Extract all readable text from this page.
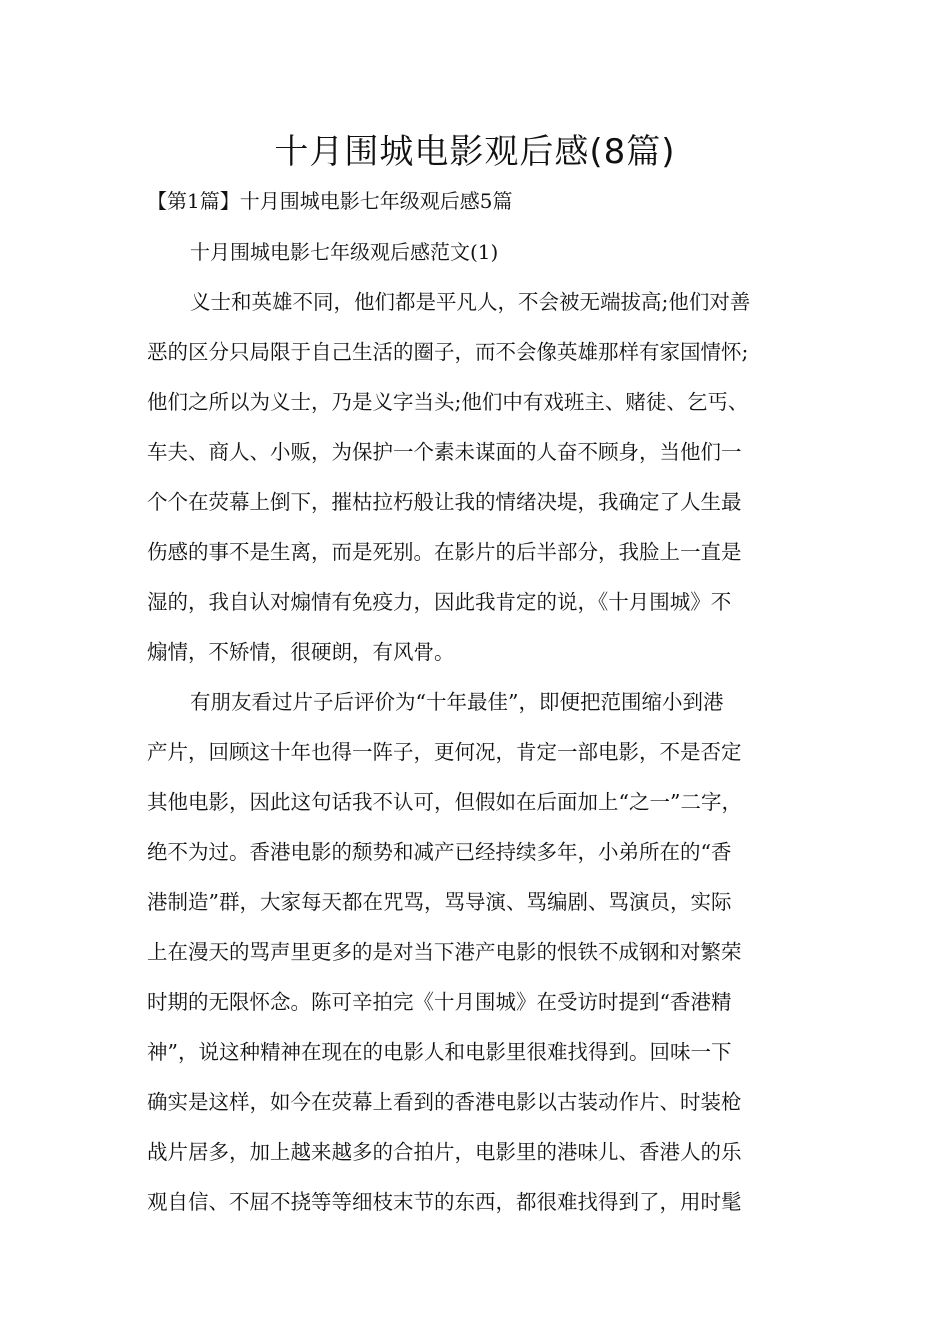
十月围城电影观后感(8篇)
【第1篇】十月围城电影七年级观后感5篇
十月围城电影七年级观后感范文(1)
义士和英雄不同，他们都是平凡人，不会被无端拔高;他们对善
恶的区分只局限于自己生活的圈子，而不会像英雄那样有家国情怀;
他们之所以为义士，乃是义字当头;他们中有戏班主、赌徒、乞丐、
车夫、商人、小贩，为保护一个素未谋面的人奋不顾身，当他们一
个个在荧幕上倒下，摧枯拉朽般让我的情绪决堤，我确定了人生最
伤感的事不是生离，而是死别。在影片的后半部分，我脸上一直是
湿的，我自认对煽情有免疫力，因此我肯定的说，《十月围城》不
煽情，不矫情，很硬朗，有风骨。
有朋友看过片子后评价为“十年最佳”，即便把范围缩小到港
产片，回顾这十年也得一阵子，更何况，肯定一部电影，不是否定
其他电影，因此这句话我不认可，但假如在后面加上“之一”二字，
绝不为过。香港电影的颓势和减产已经持续多年，小弟所在的“香
港制造”群，大家每天都在咒骂，骂导演、骂编剧、骂演员，实际
上在漫天的骂声里更多的是对当下港产电影的恨铁不成钢和对繁荣
时期的无限怀念。陈可辛拍完《十月围城》在受访时提到“香港精
神”，说这种精神在现在的电影人和电影里很难找得到。回味一下
确实是这样，如今在荧幕上看到的香港电影以古装动作片、时装枪
战片居多，加上越来越多的合拍片，电影里的港味儿、香港人的乐
观自信、不屈不挠等等细枝末节的东西，都很难找得到了，用时髦
